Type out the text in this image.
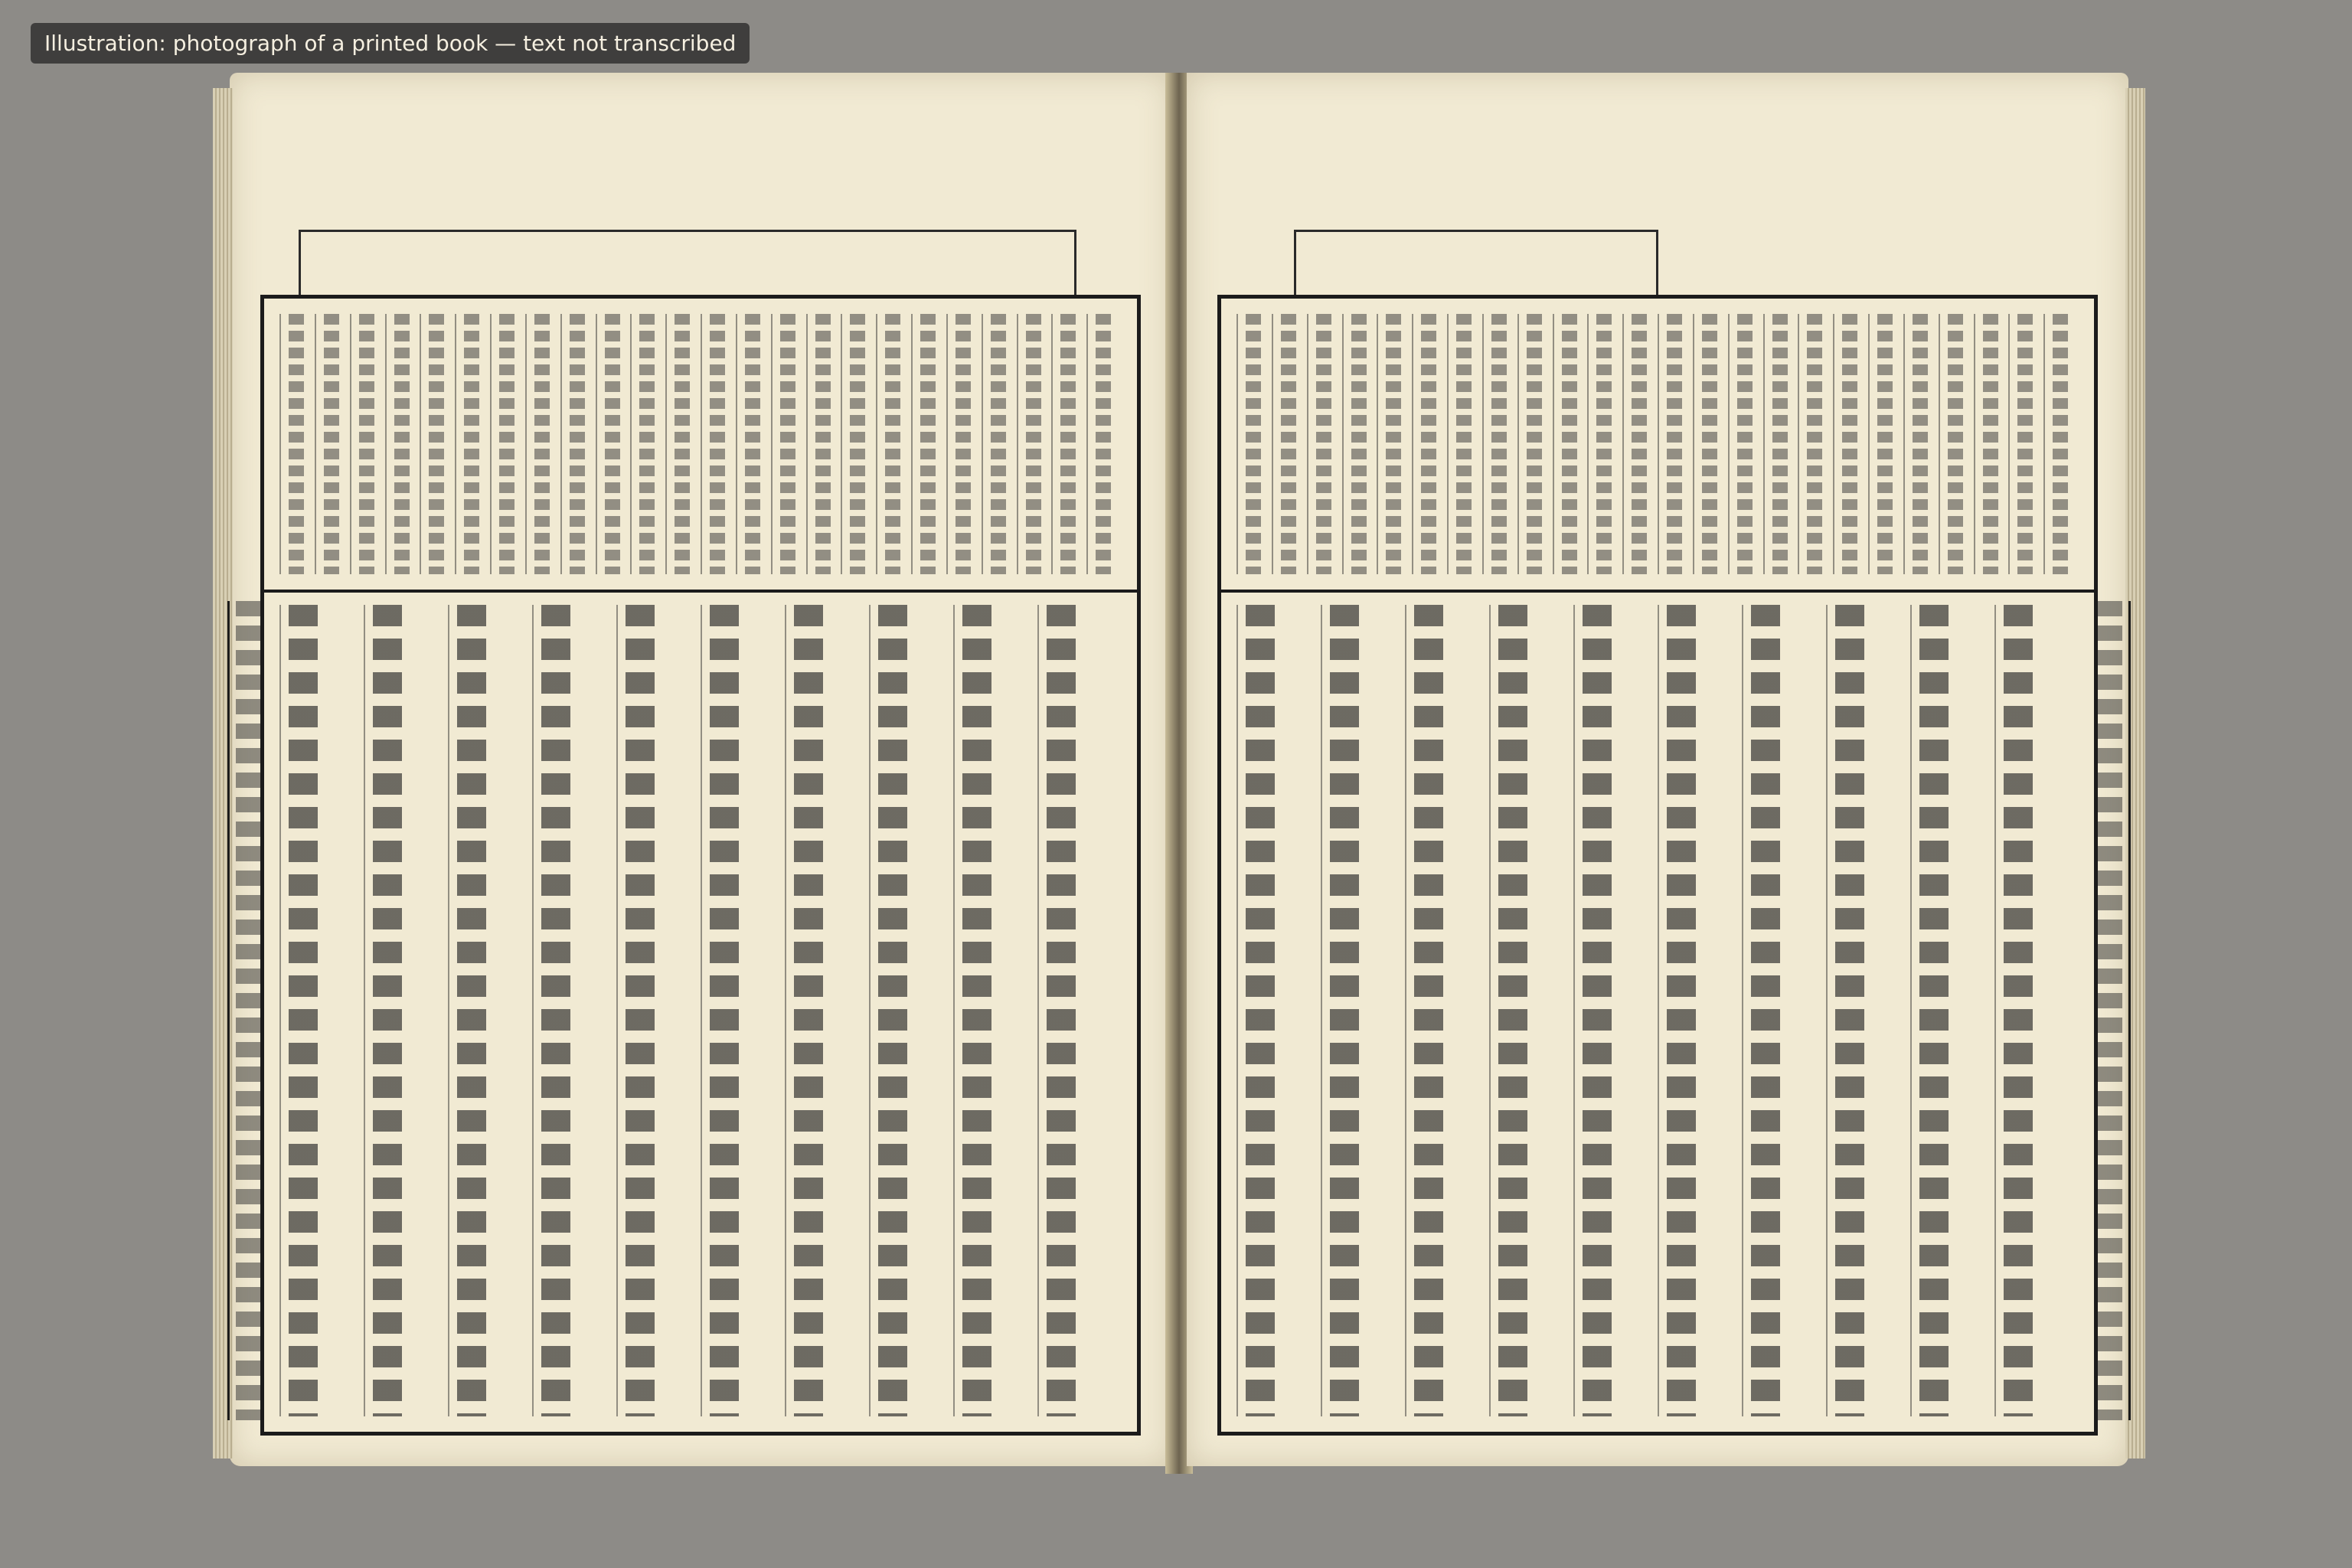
Illustration: photograph of a printed book — text not transcribed
